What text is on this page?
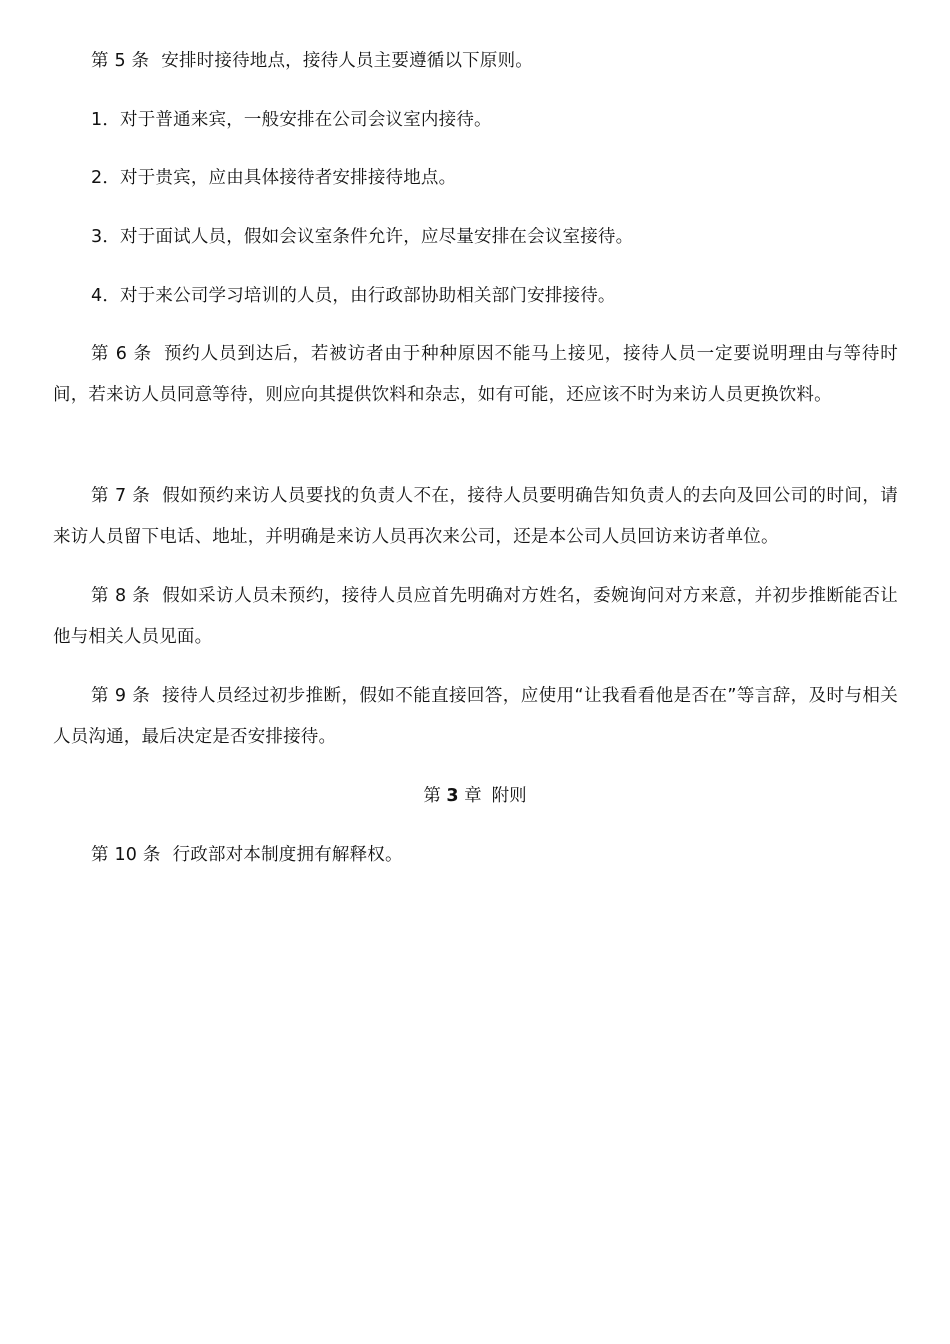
第 5 条 安排时接待地点，接待人员主要遵循以下原则。

1．对于普通来宾，一般安排在公司会议室内接待。

2．对于贵宾，应由具体接待者安排接待地点。

3．对于面试人员，假如会议室条件允许，应尽量安排在会议室接待。

4．对于来公司学习培训的人员，由行政部协助相关部门安排接待。

第 6 条 预约人员到达后，若被访者由于种种原因不能马上接见，接待人员一定要说明理由与等待时间，若来访人员同意等待，则应向其提供饮料和杂志，如有可能，还应该不时为来访人员更换饮料。

第 7 条 假如预约来访人员要找的负责人不在，接待人员要明确告知负责人的去向及回公司的时间，请来访人员留下电话、地址，并明确是来访人员再次来公司，还是本公司人员回访来访者单位。

第 8 条 假如采访人员未预约，接待人员应首先明确对方姓名，委婉询问对方来意，并初步推断能否让他与相关人员见面。

第 9 条 接待人员经过初步推断，假如不能直接回答，应使用“让我看看他是否在”等言辞，及时与相关人员沟通，最后决定是否安排接待。

第 3 章 附则

第 10 条 行政部对本制度拥有解释权。
